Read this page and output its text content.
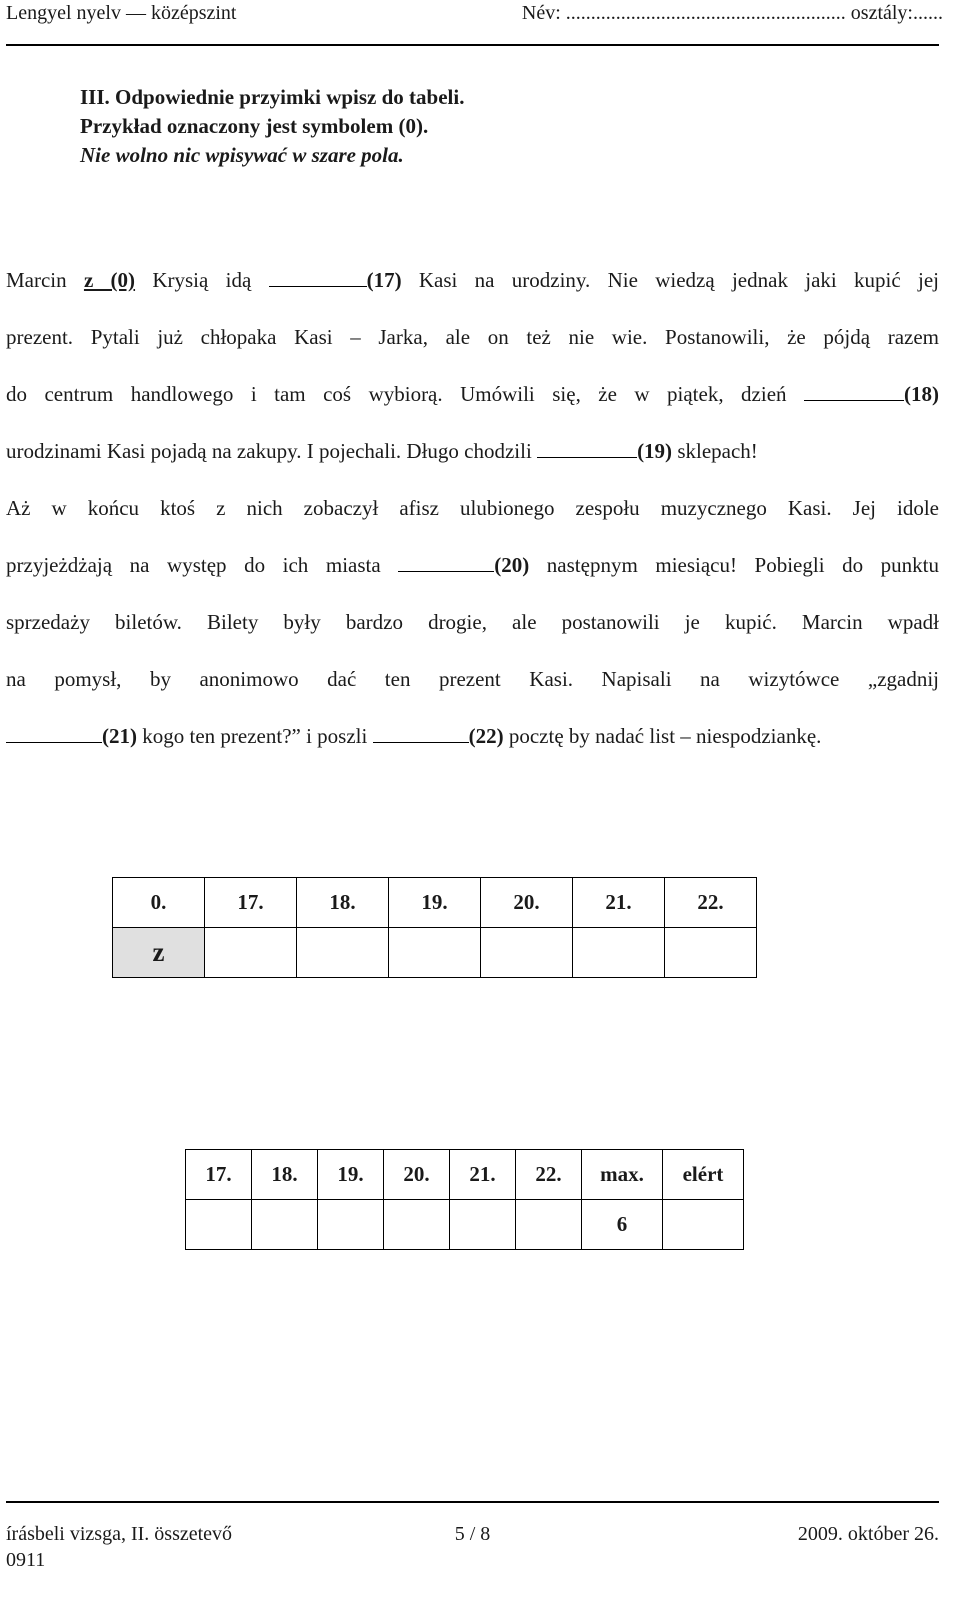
Lengyel nyelv — középszint	Név: ........................................................ osztály:......
III. Odpowiednie przyimki wpisz do tabeli.
Przykład oznaczony jest symbolem (0).
Nie wolno nic wpisywać w szare pola.
Marcin z (0) Krysią idą	(17) Kasi na urodziny. Nie wiedzą jednak jaki kupić jej
prezent. Pytali już chłopaka Kasi – Jarka, ale on też nie wie. Postanowili, że pójdą razem
do centrum handlowego i tam coś wybiorą. Umówili się, że w piątek, dzień	(18)
urodzinami Kasi pojadą na zakupy. I pojechali. Długo chodzili	(19) sklepach!
Aż w końcu ktoś z nich zobaczył afisz ulubionego zespołu muzycznego Kasi. Jej idole
przyjeżdżają na występ do ich miasta	(20) następnym miesiącu! Pobiegli do punktu
sprzedaży biletów. Bilety były bardzo drogie, ale postanowili je kupić. Marcin wpadł
na pomysł, by anonimowo dać ten prezent Kasi. Napisali na wizytówce „zgadnij
(21) kogo ten prezent?” i poszli	(22) pocztę by nadać list – niespodziankę.
0.	17.	18.	19.	20.	21.	22.
z						
17.	18.	19.	20.	21.	22.	max.	elért
						6	
írásbeli vizsga, II. összetevő	5 / 8	2009. október 26.
0911
